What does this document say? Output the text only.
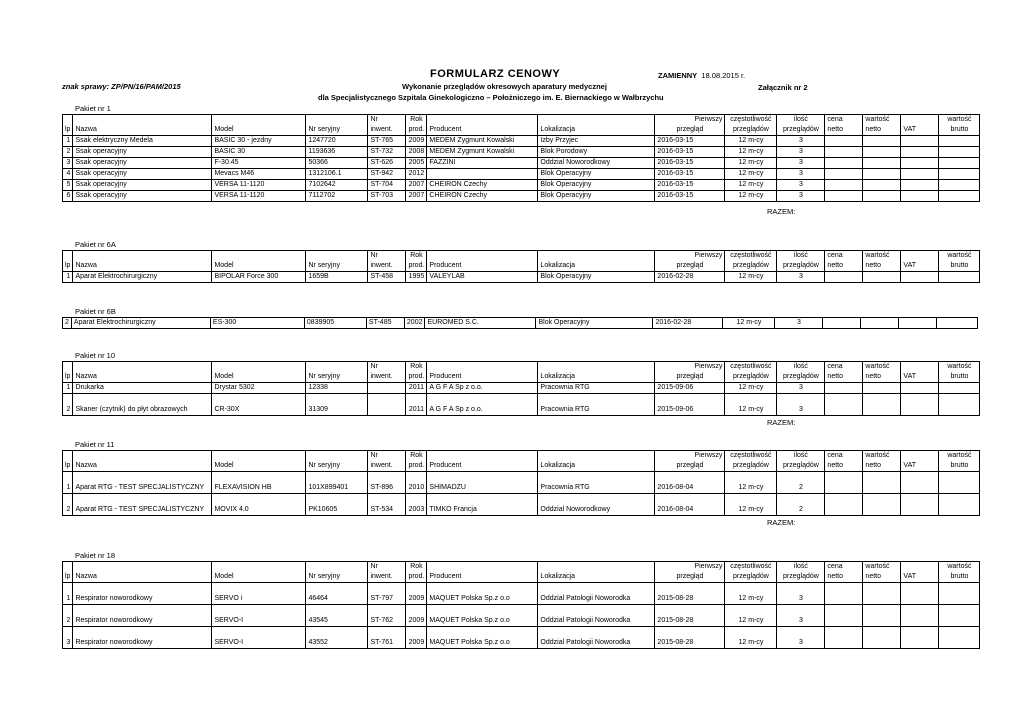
FORMULARZ CENOWY	ZAMIENNY 18.08.2015 r.
znak sprawy: ZP/PN/16/PAM/2015	Wykonanie przeglądów okresowych aparatury medycznej	Załącznik nr 2
dla Specjalistycznego Szpitala Ginekologiczno – Położniczego im. E. Biernackiego w Wałbrzychu
Pakiet nr 1
Pakiet nr 6A
Pakiet nr 6B
Pakiet nr 10
Pakiet nr 11
Pakiet nr 18
RAZEM:
RAZEM:
RAZEM:
				Nr	Rok			Pierwszy	częstotliwość	ilość	cena	wartość		wartość
lp	Nazwa	Model	Nr seryjny	inwent.	prod.	Producent	Lokalizacja	przegląd	przeglądów	przeglądów	netto	netto	VAT	brutto
1	Ssak elektryczny Medela	BASIC 30 - jezdny	1247720	ST-765	2009	MEDEM Zygmunt Kowalski	Izby Przyjec	2016-03-15	12 m-cy	3				
2	Ssak operacyjny	BASIC 30	1193636	ST-732	2008	MEDEM Zygmunt Kowalski	Blok Porodowy	2016-03-15	12 m-cy	3				
3	Ssak operacyjny	F-30.45	50366	ST-626	2005	FAZZINI	Oddzial Noworodkowy	2016-03-15	12 m-cy	3				
4	Ssak operacyjny	Mevacs M46	1312106.1	ST-942	2012		Blok Operacyjny	2016-03-15	12 m-cy	3				
5	Ssak operacyjny	VERSA 11-1120	7102642	ST-704	2007	CHEIRON Czechy	Blok Operacyjny	2016-03-15	12 m-cy	3				
6	Ssak operacyjny	VERSA 11-1120	7112702	ST-703	2007	CHEIRON Czechy	Blok Operacyjny	2016-03-15	12 m-cy	3				
				Nr	Rok			Pierwszy	częstotliwość	ilość	cena	wartość		wartość
lp	Nazwa	Model	Nr seryjny	inwent.	prod.	Producent	Lokalizacja	przegląd	przeglądów	przeglądów	netto	netto	VAT	brutto
1	Aparat Elektrochirurgiczny	BIPOLAR Force 300	1659B	ST-458	1995	VALEYLAB	Blok Operacyjny	2016-02-28	12 m-cy	3				
2	Aparat Elektrochirurgiczny	ES-300	0839905	ST-485	2002	EUROMED S.C.	Blok Operacyjny	2016-02-28	12 m-cy	3				
				Nr	Rok			Pierwszy	częstotliwość	ilość	cena	wartość		wartość
lp	Nazwa	Model	Nr seryjny	inwent.	prod.	Producent	Lokalizacja	przegląd	przeglądów	przeglądów	netto	netto	VAT	brutto
1	Drukarka	Drystar 5302	12338		2011	A G F A Sp z o.o.	Pracownia RTG	2015-09-06	12 m-cy	3				
2	Skaner (czytnik) do płyt obrazowych	CR-30X	31309		2011	A G F A Sp z o.o.	Pracownia RTG	2015-09-06	12 m-cy	3				
				Nr	Rok			Pierwszy	częstotliwość	ilość	cena	wartość		wartość
lp	Nazwa	Model	Nr seryjny	inwent.	prod.	Producent	Lokalizacja	przegląd	przeglądów	przeglądów	netto	netto	VAT	brutto
1	Aparat RTG - TEST SPECJALISTYCZNY	FLEXAVISION HB	101X899401	ST-896	2010	SHIMADZU	Pracownia RTG	2016-08-04	12 m-cy	2				
2	Aparat RTG - TEST SPECJALISTYCZNY	MOVIX 4.0	PK10605	ST-534	2003	TIMKO Francja	Oddzial Noworodkowy	2016-08-04	12 m-cy	2				
				Nr	Rok			Pierwszy	częstotliwość	ilość	cena	wartość		wartość
lp	Nazwa	Model	Nr seryjny	inwent.	prod.	Producent	Lokalizacja	przegląd	przeglądów	przeglądów	netto	netto	VAT	brutto
1	Respirator noworodkowy	SERVO i	46464	ST-797	2009	MAQUET Polska Sp.z o.o	Oddzial Patologii Noworodka	2015-08-28	12 m-cy	3				
2	Respirator noworodkowy	SERVO-I	43545	ST-762	2009	MAQUET Polska Sp.z o.o	Oddzial Patologii Noworodka	2015-08-28	12 m-cy	3				
3	Respirator noworodkowy	SERVO-I	43552	ST-761	2009	MAQUET Polska Sp.z o.o	Oddzial Patologii Noworodka	2015-08-28	12 m-cy	3				
